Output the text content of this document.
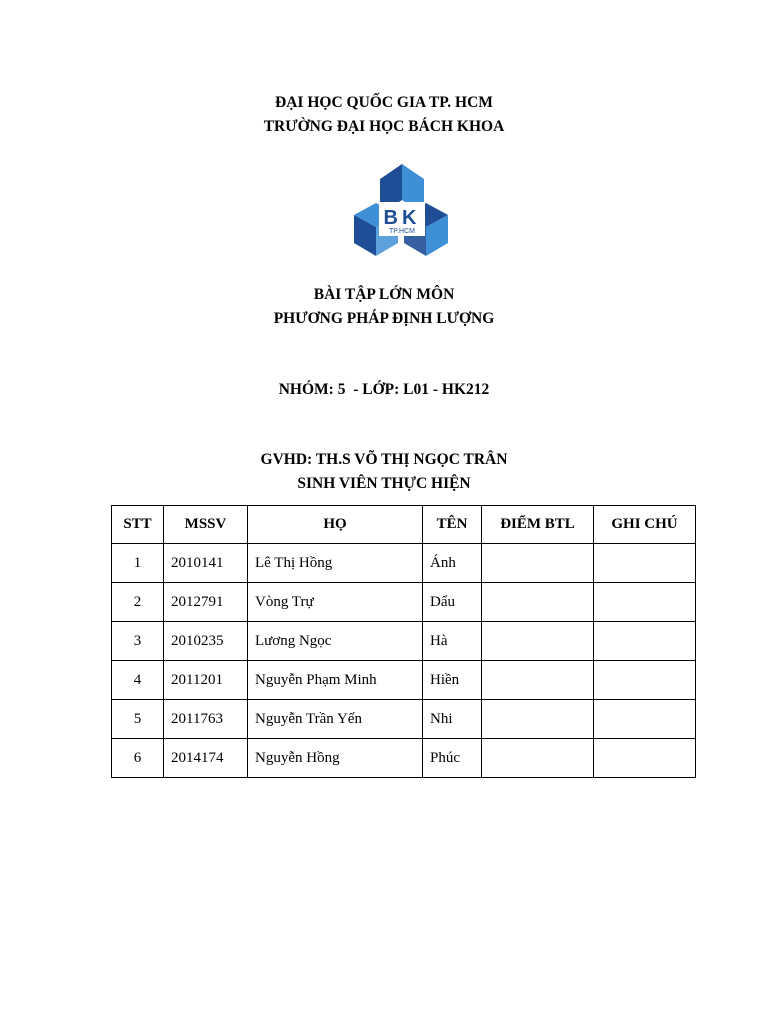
ĐẠI HỌC QUỐC GIA TP. HCM
TRƯỜNG ĐẠI HỌC BÁCH KHOA
BK
TP.HCM
BÀI TẬP LỚN MÔN
PHƯƠNG PHÁP ĐỊNH LƯỢNG
NHÓM: 5  - LỚP: L01 - HK212
GVHD: TH.S VÕ THỊ NGỌC TRÂN
SINH VIÊN THỰC HIỆN
STT	MSSV	HỌ	TÊN	ĐIỂM BTL	GHI CHÚ
1	2010141	Lê Thị Hồng	Ánh		
2	2012791	Vòng Trự	Dẩu		
3	2010235	Lương Ngọc	Hà		
4	2011201	Nguyễn Phạm Minh	Hiền		
5	2011763	Nguyễn Trần Yến	Nhi		
6	2014174	Nguyễn Hồng	Phúc		
